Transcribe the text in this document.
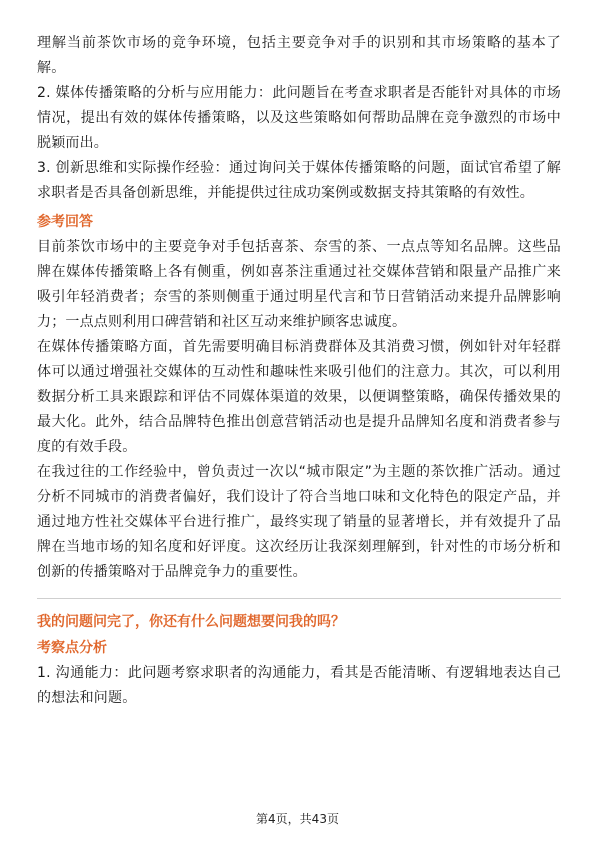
理解当前茶饮市场的竞争环境，包括主要竞争对手的识别和其市场策略的基本了解。

2. 媒体传播策略的分析与应用能力：此问题旨在考查求职者是否能针对具体的市场情况，提出有效的媒体传播策略，以及这些策略如何帮助品牌在竞争激烈的市场中脱颖而出。

3. 创新思维和实际操作经验：通过询问关于媒体传播策略的问题，面试官希望了解求职者是否具备创新思维，并能提供过往成功案例或数据支持其策略的有效性。

参考回答

目前茶饮市场中的主要竞争对手包括喜茶、奈雪的茶、一点点等知名品牌。这些品牌在媒体传播策略上各有侧重，例如喜茶注重通过社交媒体营销和限量产品推广来吸引年轻消费者；奈雪的茶则侧重于通过明星代言和节日营销活动来提升品牌影响力；一点点则利用口碑营销和社区互动来维护顾客忠诚度。

在媒体传播策略方面，首先需要明确目标消费群体及其消费习惯，例如针对年轻群体可以通过增强社交媒体的互动性和趣味性来吸引他们的注意力。其次，可以利用数据分析工具来跟踪和评估不同媒体渠道的效果，以便调整策略，确保传播效果的最大化。此外，结合品牌特色推出创意营销活动也是提升品牌知名度和消费者参与度的有效手段。

在我过往的工作经验中，曾负责过一次以“城市限定”为主题的茶饮推广活动。通过分析不同城市的消费者偏好，我们设计了符合当地口味和文化特色的限定产品，并通过地方性社交媒体平台进行推广，最终实现了销量的显著增长，并有效提升了品牌在当地市场的知名度和好评度。这次经历让我深刻理解到，针对性的市场分析和创新的传播策略对于品牌竞争力的重要性。

我的问题问完了，你还有什么问题想要问我的吗？

考察点分析

1. 沟通能力：此问题考察求职者的沟通能力，看其是否能清晰、有逻辑地表达自己的想法和问题。

第4页，共43页
